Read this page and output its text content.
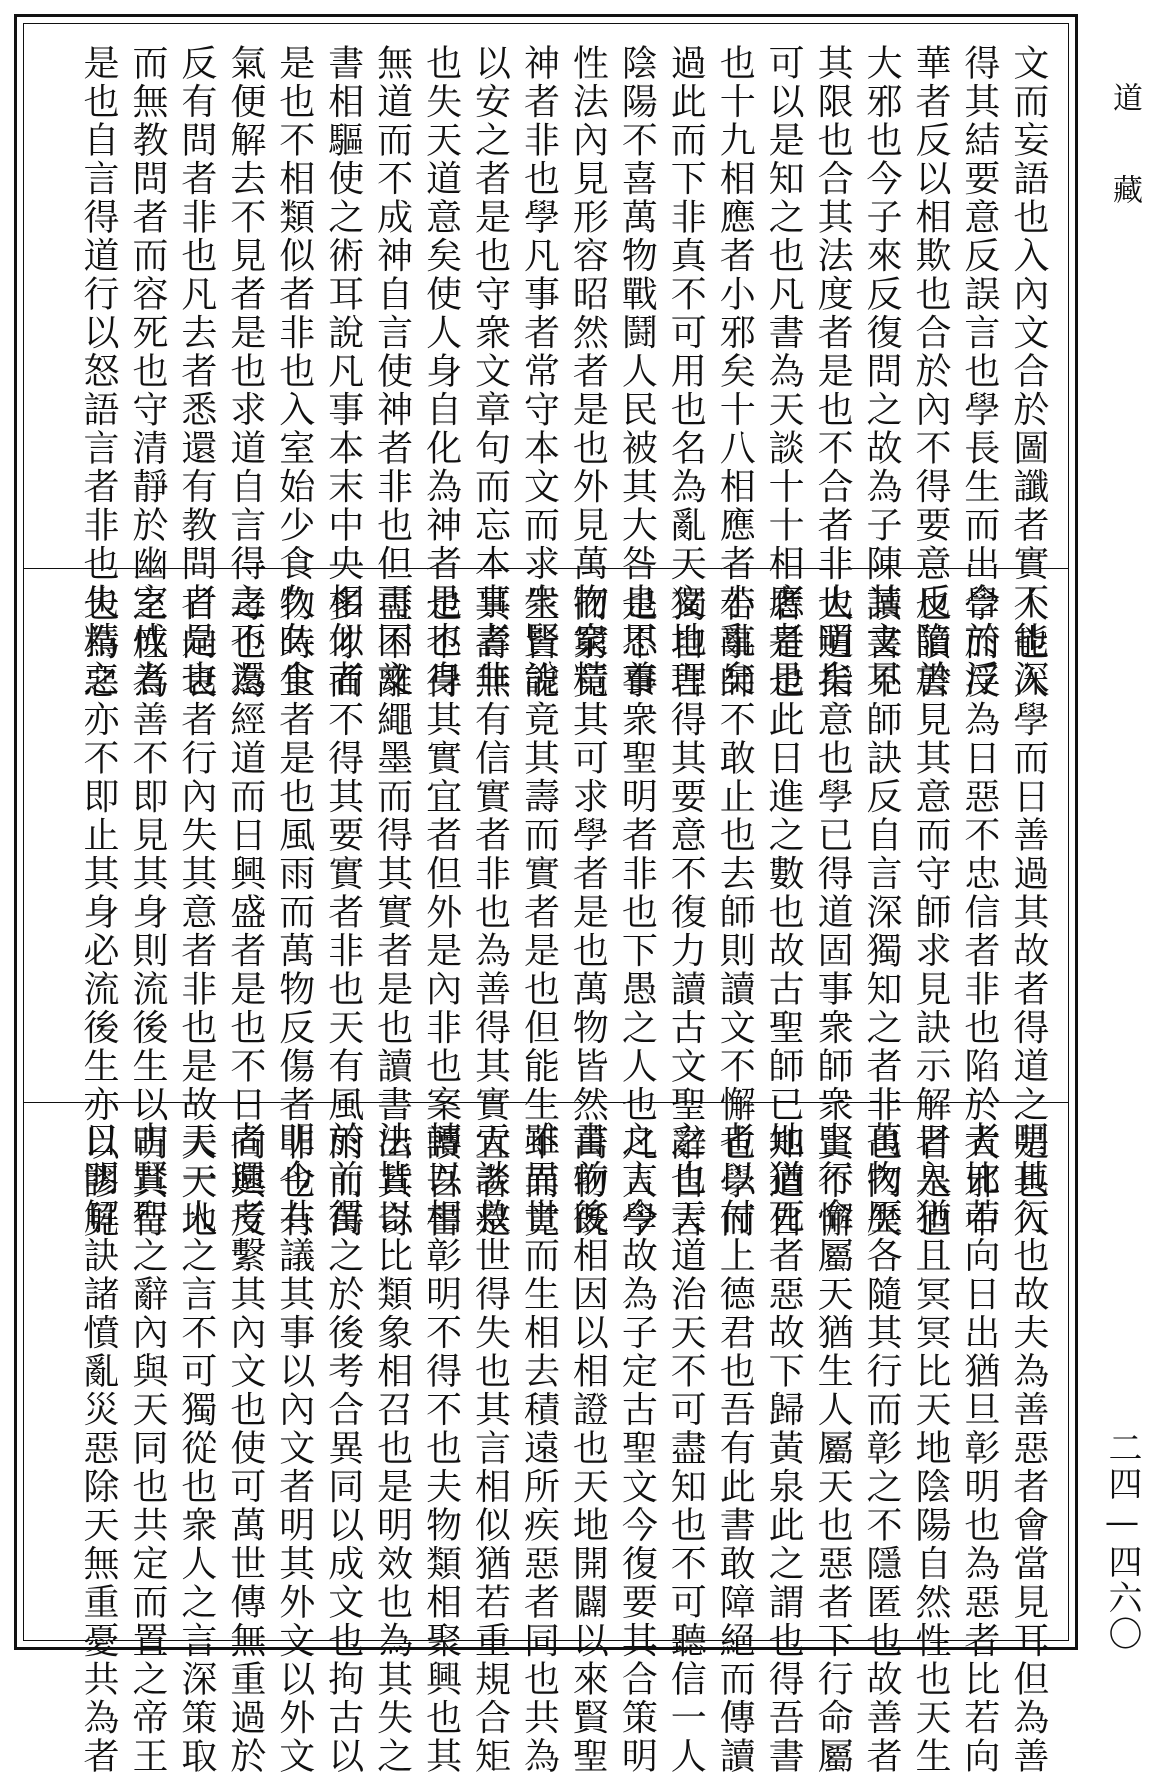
文而妄語也入內文合於圖讖者實不能深
得其結要意反誤言也學長生而出合於浮
華者反以相欺也合於內不得要意反陷於
大邪也今子來反復問之故為子陳其文見
其限也合其法度者是也不合者非也明矣
可以是知之也凡書為天談十十相應者是
也十九相應者小邪矣十八相應者小亂矣
過此而下非真不可用也名為亂天文地理
陰陽不喜萬物戰鬪人民被其大咎也思養
性法內見形容昭然者是也外見萬物衆精
神者非也學凡事者常守本文而求衆賢說
以安之者是也守衆文章句而忘本事者非
也失天道意矣使人身自化為神者是也身
無道而不成神自言使神者非也但可因文
書相驅使之術耳說凡事本末中央相似者
是也不相類似者非也入室始少食久久食
氣便解去不見者是也求道自言得之不還
反有問者非也凡去者悉還有教問者是也
而無教問者而容死也守清靜於幽室成者
是也自言得道行以怒語言者非也失精之
人也入學而日善過其故者得道之是也入
學而反為日惡不忠信者非也陷於大邪中
也讀書見其意而守師求見訣示解者是也
讀書不師訣反自言深獨知之者非也內失
大道指意也學已得道固事衆師衆賢不懈
者是也此日進之數也故古聖師已知道自
若事師不敢止也去師則讀文不懈也學而
獨自言得其要意不復力讀古文聖辭自言
是不事衆聖明者非也下愚之人也凡人學
而窮竟其可求學者是也萬物皆然萬物既
生皆能竟其壽而實者是也但能生不而竟
其壽無有信實者非也為善得其實宜者是
也不得其實宜者但外是內非也案讀吾書
盡不離繩墨而得其實者是也讀書出其奇
多才而不得其要實者非也天有風雨而萬
物時生者是也風雨而萬物反傷者非也有
毒也為經道而日興盛者是也不日向興反
日向衰者行內失其意者非也是故夫天地
之性為善不即見其身則流後生以明其行
也為惡亦不即止其身必流後生亦以謬見
明其行也故夫為善惡者會當見耳但為善
者比若向日出猶旦彰明也為惡者比若向
日入猶且冥冥比天地陰陽自然性也天生
萬物歷各隨其行而彰之不隱匿也故善者
上行命屬天猶生人屬天也惡者下行命屬
地猶死者惡故下歸黃泉此之謂也得吾書
者以付上德君也吾有此書敢障絕而傳讀
之也天道治天不可盡知也不可聽信一人
之言今故為子定古聖文今復要其合策明
書前後相因以相證也天地開闢以來賢聖
雖異世而生相去積遠所疾惡者同也共為
天談救世得失也其言相似猶若重規合矩
轉以相彰明不得不也夫物類相聚興也其
法皆以比類象相召也是明效也為其失之
於前得之於後考合異同以成文也拘古以
明今共議其事以內文者明其外文以外文
者還考繫其內文也使可萬世傳無重過於
天一人之言不可獨從也衆人之言深策取
古賢聖之辭內與天同也共定而置之帝王
日明解訣諸憤亂災惡除天無重憂共為者
道藏
二四—四六〇
